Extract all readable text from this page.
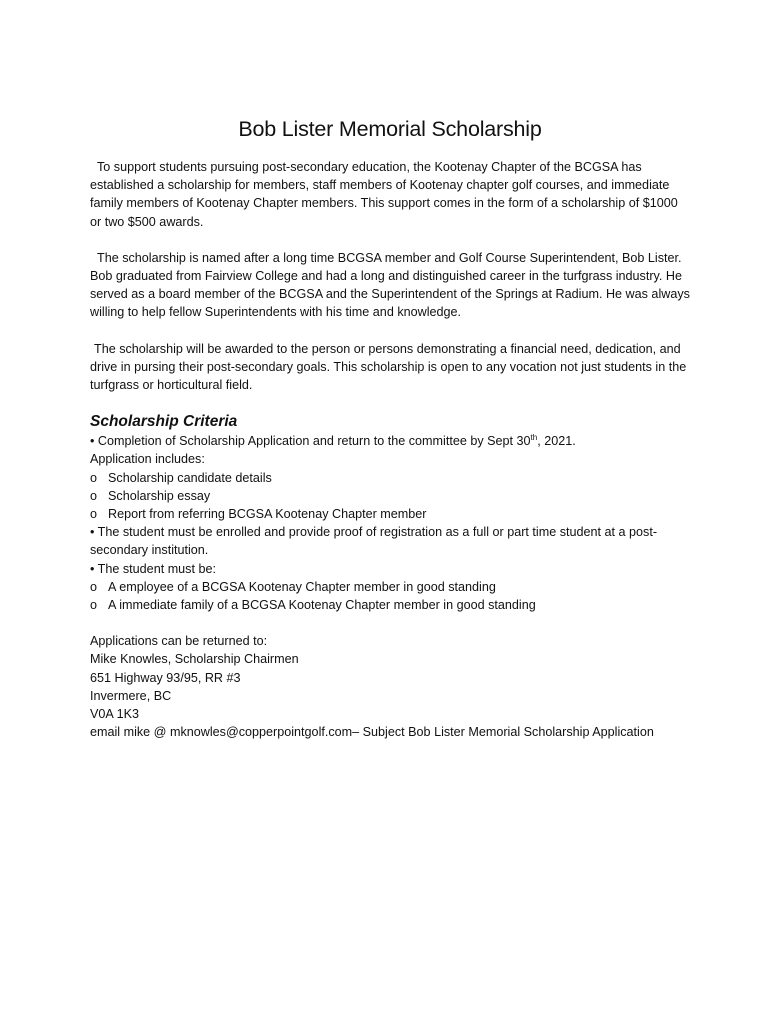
Bob Lister Memorial Scholarship

To support students pursuing post-secondary education, the Kootenay Chapter of the BCGSA has established a scholarship for members, staff members of Kootenay chapter golf courses, and immediate family members of Kootenay Chapter members. This support comes in the form of a scholarship of $1000 or two $500 awards.

The scholarship is named after a long time BCGSA member and Golf Course Superintendent, Bob Lister. Bob graduated from Fairview College and had a long and distinguished career in the turfgrass industry. He served as a board member of the BCGSA and the Superintendent of the Springs at Radium. He was always willing to help fellow Superintendents with his time and knowledge.

The scholarship will be awarded to the person or persons demonstrating a financial need, dedication, and drive in pursing their post-secondary goals. This scholarship is open to any vocation not just students in the turfgrass or horticultural field.

Scholarship Criteria
• Completion of Scholarship Application and return to the committee by Sept 30th, 2021.
Application includes:
o Scholarship candidate details
o Scholarship essay
o Report from referring BCGSA Kootenay Chapter member
• The student must be enrolled and provide proof of registration as a full or part time student at a post-secondary institution.
• The student must be:
o A employee of a BCGSA Kootenay Chapter member in good standing
o A immediate family of a BCGSA Kootenay Chapter member in good standing
Applications can be returned to:
Mike Knowles, Scholarship Chairmen
651 Highway 93/95, RR #3
Invermere, BC
V0A 1K3
email mike @ mknowles@copperpointgolf.com– Subject Bob Lister Memorial Scholarship Application
